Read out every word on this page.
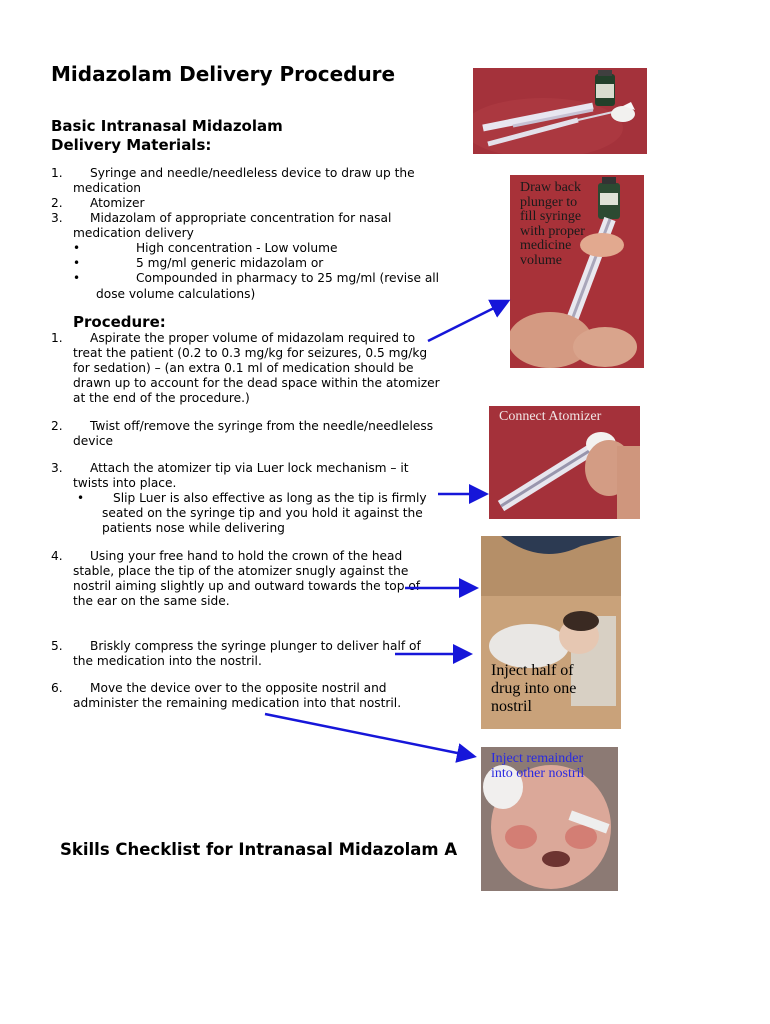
Midazolam Delivery Procedure
Basic Intranasal Midazolam
Delivery Materials:
1. Syringe and needle/needleless device to draw up the
medication
2. Atomizer
3. Midazolam of appropriate concentration for nasal
medication delivery
•	High concentration - Low volume
•	5 mg/ml generic midazolam or
•	Compounded in pharmacy to 25 mg/ml (revise all
dose volume calculations)
Procedure:
1. Aspirate the proper volume of midazolam required to
treat the patient (0.2 to 0.3 mg/kg for seizures, 0.5 mg/kg
for sedation) – (an extra 0.1 ml of medication should be
drawn up to account for the dead space within the atomizer
at the end of the procedure.)
2. Twist off/remove the syringe from the needle/needleless
device
3. Attach the atomizer tip via Luer lock mechanism – it
twists into place.
• Slip Luer is also effective as long as the tip is firmly
seated on the syringe tip and you hold it against the
patients nose while delivering
4. Using your free hand to hold the crown of the head
stable, place the tip of the atomizer snugly against the
nostril aiming slightly up and outward towards the top of
the ear on the same side.
5. Briskly compress the syringe plunger to deliver half of
the medication into the nostril.
6. Move the device over to the opposite nostril and
administer the remaining medication into that nostril.
Skills Checklist for Intranasal Midazolam A
Draw back
plunger to
fill syringe
with proper
medicine
volume
Connect Atomizer
Inject half of
drug into one
nostril
Inject remainder
into other nostril
